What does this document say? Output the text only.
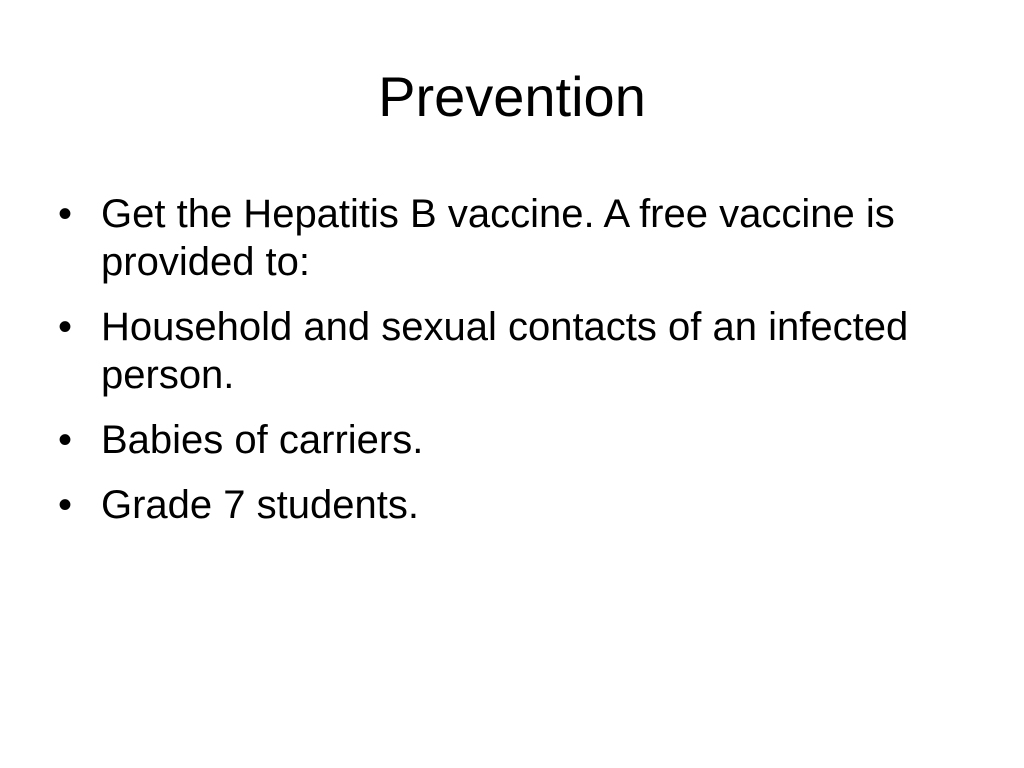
Prevention
• Get the Hepatitis B vaccine. A free vaccine is provided to:
• Household and sexual contacts of an infected person.
• Babies of carriers.
• Grade 7 students.
